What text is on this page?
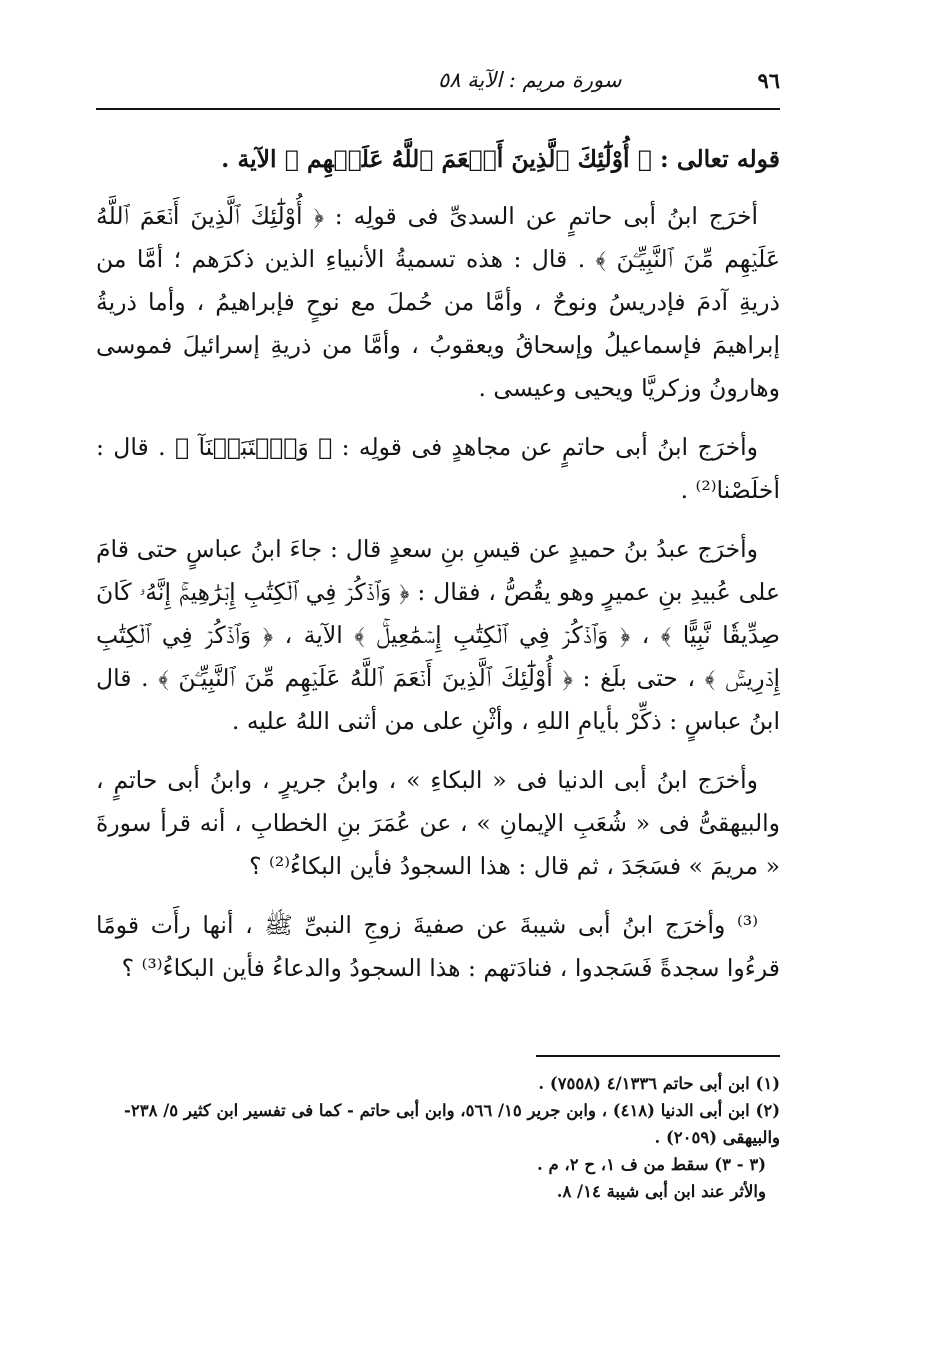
٩٦
سورة مريم : الآية ٥٨

قوله تعالى : ﴿ أُوْلَٰٓئِكَ ٱلَّذِينَ أَنۡعَمَ ٱللَّهُ عَلَيۡهِم ﴾ الآية .

أخرَج ابنُ أبى حاتمٍ عن السدىِّ فى قولِه : ﴿ أُوْلَٰٓئِكَ ٱلَّذِينَ أَنۡعَمَ ٱللَّهُ عَلَيۡهِم مِّنَ ٱلنَّبِيِّـۧنَ ﴾ . قال : هذه تسميةُ الأنبياءِ الذين ذكرَهم ؛ أمَّا من ذريةِ آدمَ فإدريسُ ونوحٌ ، وأمَّا من حُملَ مع نوحٍ فإبراهيمُ ، وأما ذريةُ إبراهيمَ فإسماعيلُ وإسحاقُ ويعقوبُ ، وأمَّا من ذريةِ إسرائيلَ فموسى وهارونُ وزكريَّا ويحيى وعيسى .

وأخرَج ابنُ أبى حاتمٍ عن مجاهدٍ فى قولِه : ﴿ وَٱجۡتَبَيۡنَآ ﴾ . قال : أخلَصْنا⁽²⁾ .

وأخرَج عبدُ بنُ حميدٍ عن قيسِ بنِ سعدٍ قال : جاءَ ابنُ عباسٍ حتى قامَ على عُبيدِ بنِ عميرٍ وهو يقُصُّ ، فقال : ﴿ وَٱذۡكُرۡ فِي ٱلۡكِتَٰبِ إِبۡرَٰهِيمَۚ إِنَّهُۥ كَانَ صِدِّيقٗا نَّبِيًّا ﴾ ، ﴿ وَٱذۡكُرۡ فِي ٱلۡكِتَٰبِ إِسۡمَٰعِيلَۚ ﴾ الآية ، ﴿ وَٱذۡكُرۡ فِي ٱلۡكِتَٰبِ إِدۡرِيسَۚ ﴾ ، حتى بلَغ : ﴿ أُوْلَٰٓئِكَ ٱلَّذِينَ أَنۡعَمَ ٱللَّهُ عَلَيۡهِم مِّنَ ٱلنَّبِيِّـۧنَ ﴾ . قال ابنُ عباسٍ : ذكِّرْ بأيامِ اللهِ ، وأثْنِ على من أثنى اللهُ عليه .

وأخرَج ابنُ أبى الدنيا فى « البكاءِ » ، وابنُ جريرٍ ، وابنُ أبى حاتمٍ ، والبيهقىُّ فى « شُعَبِ الإيمانِ » ، عن عُمَرَ بنِ الخطابِ ، أنه قرأ سورةَ « مريمَ » فسَجَدَ ، ثم قال : هذا السجودُ فأين البكاءُ⁽²⁾ ؟

⁽³⁾ وأخرَج ابنُ أبى شيبةَ عن صفيةَ زوجِ النبىِّ ﷺ ، أنها رأَت قومًا قرءُوا سجدةً فَسَجدوا ، فنادَتهم : هذا السجودُ والدعاءُ فأين البكاءُ⁽³⁾ ؟

(١) ابن أبى حاتم ٤/١٣٣٦ (٧٥٥٨) .

(٢) ابن أبى الدنيا (٤١٨) ، وابن جرير ١٥/ ٥٦٦، وابن أبى حاتم - كما فى تفسير ابن كثير ٥/ ٢٣٨- والبيهقى (٢٠٥٩) .

(٣ - ٣) سقط من ف ١، ح ٢، م .

والأثر عند ابن أبى شيبة ١٤/ ٨.
